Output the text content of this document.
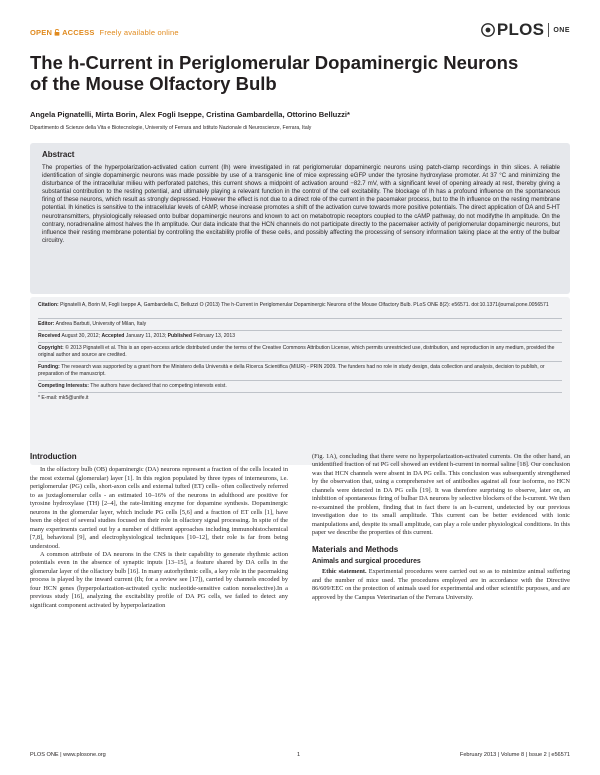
OPEN ACCESS Freely available online	PLOS ONE
The h-Current in Periglomerular Dopaminergic Neurons
of the Mouse Olfactory Bulb
Angela Pignatelli, Mirta Borin, Alex Fogli Iseppe, Cristina Gambardella, Ottorino Belluzzi*
Dipartimento di Scienze della Vita e Biotecnologie, University of Ferrara and Istituto Nazionale di Neuroscienze, Ferrara, Italy
Abstract

The properties of the hyperpolarization-activated cation current (Ih) were investigated in rat periglomerular dopaminergic neurons using patch-clamp recordings in thin slices. A reliable identification of single dopaminergic neurons was made possible by use of a transgenic line of mice expressing eGFP under the tyrosine hydroxylase promoter. At 37 °C and minimizing the disturbance of the intracellular milieu with perforated patches, this current shows a midpoint of activation around −82.7 mV, with a significant level of opening already at rest, thereby giving a substantial contribution to the resting potential, and ultimately playing a relevant function in the control of the cell excitability. The blockage of Ih has a profound influence on the spontaneous firing of these neurons, which result as strongly depressed. However the effect is not due to a direct role of the current in the pacemaker process, but to the Ih influence on the resting membrane potential. Ih kinetics is sensitive to the intracellular levels of cAMP, whose increase promotes a shift of the activation curve towards more positive potentials. The direct application of DA and 5-HT neurotransmitters, physiologically released onto bulbar dopaminergic neurons and known to act on metabotropic receptors coupled to the cAMP pathway, do not modifythe Ih amplitude. On the contrary, noradrenaline almost halves the Ih amplitude. Our data indicate that the HCN channels do not participate directly to the pacemaker activity of periglomerular dopaminergic neurons, but influence their resting membrane potential by controlling the excitability profile of these cells, and possibly affecting the processing of sensory information taking place at the entry of the bulbar circuitry.

Citation: Pignatelli A, Borin M, Fogli Iseppe A, Gambardella C, Belluzzi O (2013) The h-Current in Periglomerular Dopaminergic Neurons of the Mouse Olfactory Bulb. PLoS ONE 8(2): e56571. doi:10.1371/journal.pone.0056571

Editor: Andrea Barbuti, University of Milan, Italy

Received August 30, 2012; Accepted January 11, 2013; Published February 13, 2013

Copyright: © 2013 Pignatelli et al. This is an open-access article distributed under the terms of the Creative Commons Attribution License, which permits unrestricted use, distribution, and reproduction in any medium, provided the original author and source are credited.

Funding: The research was supported by a grant from the Ministero della Università e della Ricerca Scientifica (MIUR) - PRIN 2009. The funders had no role in study design, data collection and analysis, decision to publish, or preparation of the manuscript.

Competing Interests: The authors have declared that no competing interests exist.

* E-mail: mk5@unife.it

Introduction

In the olfactory bulb (OB) dopaminergic (DA) neurons represent a fraction of the cells located in the most external (glomerular) layer [1]. In this region populated by three types of interneurons, i.e. periglomerular (PG) cells, short-axon cells and external tufted (ET) cells- often collectively referred to as juxtaglomerular cells - an estimated 10–16% of the neurons in adulthood are positive for tyrosine hydroxylase (TH) [2–4], the rate-limiting enzyme for dopamine synthesis. Dopaminergic neurons in the glomerular layer, which include PG cells [5,6] and a fraction of ET cells [1], have been the object of several studies focused on their role in olfactory signal processing. In spite of the many experiments carried out by a number of different approaches including immunohistochemical [7,8], behavioral [9], and electrophysiological techniques [10–12], their role is far from being understood.

A common attribute of DA neurons in the CNS is their capability to generate rhythmic action potentials even in the absence of synaptic inputs [13–15], a feature shared by DA cells in the glomerular layer of the olfactory bulb [16]. In many autorhythmic cells, a key role in the pacemaking process is played by the inward current (Ih; for a review see [17]), carried by channels encoded by four HCN genes (hyperpolarization-activated cyclic nucleotide-sensitive cation nonselective).In a previous study [16], analyzing the excitability profile of DA PG cells, we failed to detect any significant component activated by hyperpolarization

(Fig. 1A), concluding that there were no hyperpolarization-activated currents. On the other hand, an unidentified fraction of rat PG cell showed an evident h-current in normal saline [18]. Our conclusion was that HCN channels were absent in DA PG cells. This conclusion was subsequently strengthened by the observation that, using a comprehensive set of antibodies against all four isoforms, no HCN channels were detected in DA PG cells [19]. It was therefore surprising to observe, later on, an inhibition of spontaneous firing of bulbar DA neurons by selective blockers of the h-current. We then re-examined the problem, finding that in fact there is an h-current, undetected by our previous investigation due to its small amplitude. This current can be better evidenced with ionic manipulations and, despite its small amplitude, can play a role under physiological conditions. In this paper we describe the properties of this current.

Materials and Methods
Animals and surgical procedures

Ethic statement. Experimental procedures were carried out so as to minimize animal suffering and the number of mice used. The procedures employed are in accordance with the Directive 86/609/EEC on the protection of animals used for experimental and other scientific purposes, and are approved by the Campus Veterinarian of the Ferrara University.

PLOS ONE | www.plosone.org	1	February 2013 | Volume 8 | Issue 2 | e56571
